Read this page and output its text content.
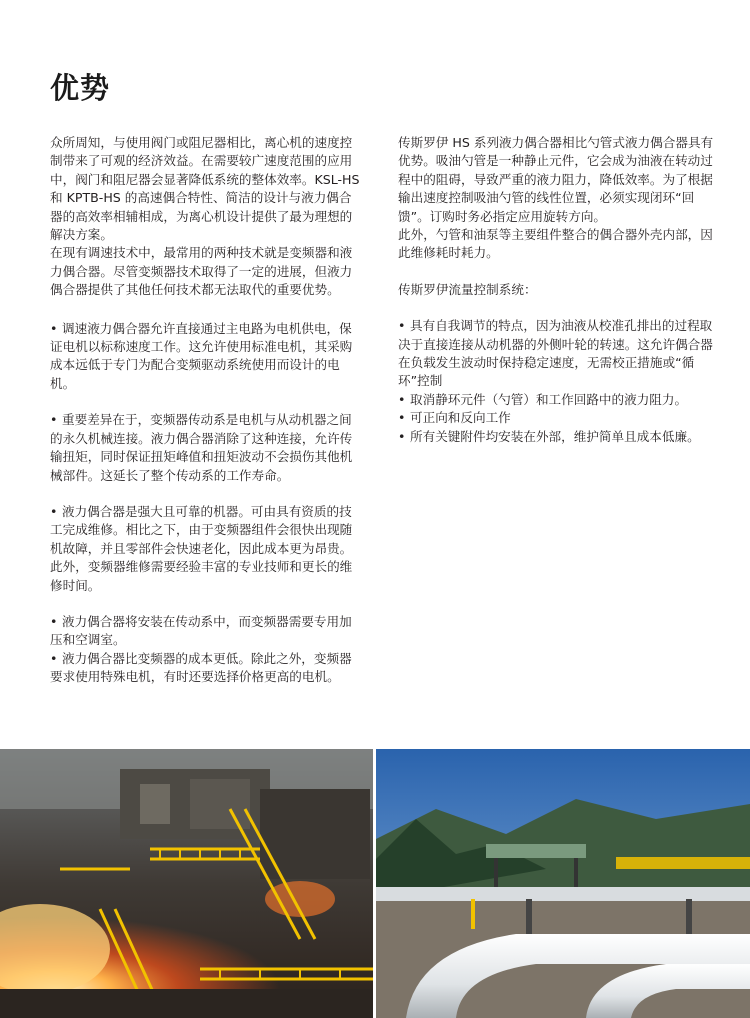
优势

众所周知，与使用阀门或阻尼器相比，离心机的速度控制带来了可观的经济效益。在需要较广速度范围的应用中，阀门和阻尼器会显著降低系统的整体效率。KSL-HS 和 KPTB-HS 的高速偶合特性、简洁的设计与液力偶合器的高效率相辅相成，为离心机设计提供了最为理想的解决方案。

在现有调速技术中，最常用的两种技术就是变频器和液力偶合器。尽管变频器技术取得了一定的进展，但液力偶合器提供了其他任何技术都无法取代的重要优势。

• 调速液力偶合器允许直接通过主电路为电机供电，保证电机以标称速度工作。这允许使用标准电机，其采购成本远低于专门为配合变频驱动系统使用而设计的电机。

• 重要差异在于，变频器传动系是电机与从动机器之间的永久机械连接。液力偶合器消除了这种连接，允许传输扭矩，同时保证扭矩峰值和扭矩波动不会损伤其他机械部件。这延长了整个传动系的工作寿命。

• 液力偶合器是强大且可靠的机器。可由具有资质的技工完成维修。相比之下，由于变频器组件会很快出现随机故障，并且零部件会快速老化，因此成本更为昂贵。此外，变频器维修需要经验丰富的专业技师和更长的维修时间。

• 液力偶合器将安装在传动系中，而变频器需要专用加压和空调室。

• 液力偶合器比变频器的成本更低。除此之外，变频器要求使用特殊电机，有时还要选择价格更高的电机。

传斯罗伊 HS 系列液力偶合器相比勺管式液力偶合器具有优势。吸油勺管是一种静止元件，它会成为油液在转动过程中的阻碍，导致严重的液力阻力，降低效率。为了根据输出速度控制吸油勺管的线性位置，必须实现闭环“回馈”。订购时务必指定应用旋转方向。

此外，勺管和油泵等主要组件整合的偶合器外壳内部，因此维修耗时耗力。

传斯罗伊流量控制系统：

• 具有自我调节的特点，因为油液从校准孔排出的过程取决于直接连接从动机器的外侧叶轮的转速。这允许偶合器在负载发生波动时保持稳定速度，无需校正措施或“循环”控制

• 取消静环元件（勺管）和工作回路中的液力阻力。

• 可正向和反向工作

• 所有关键附件均安装在外部，维护简单且成本低廉。
